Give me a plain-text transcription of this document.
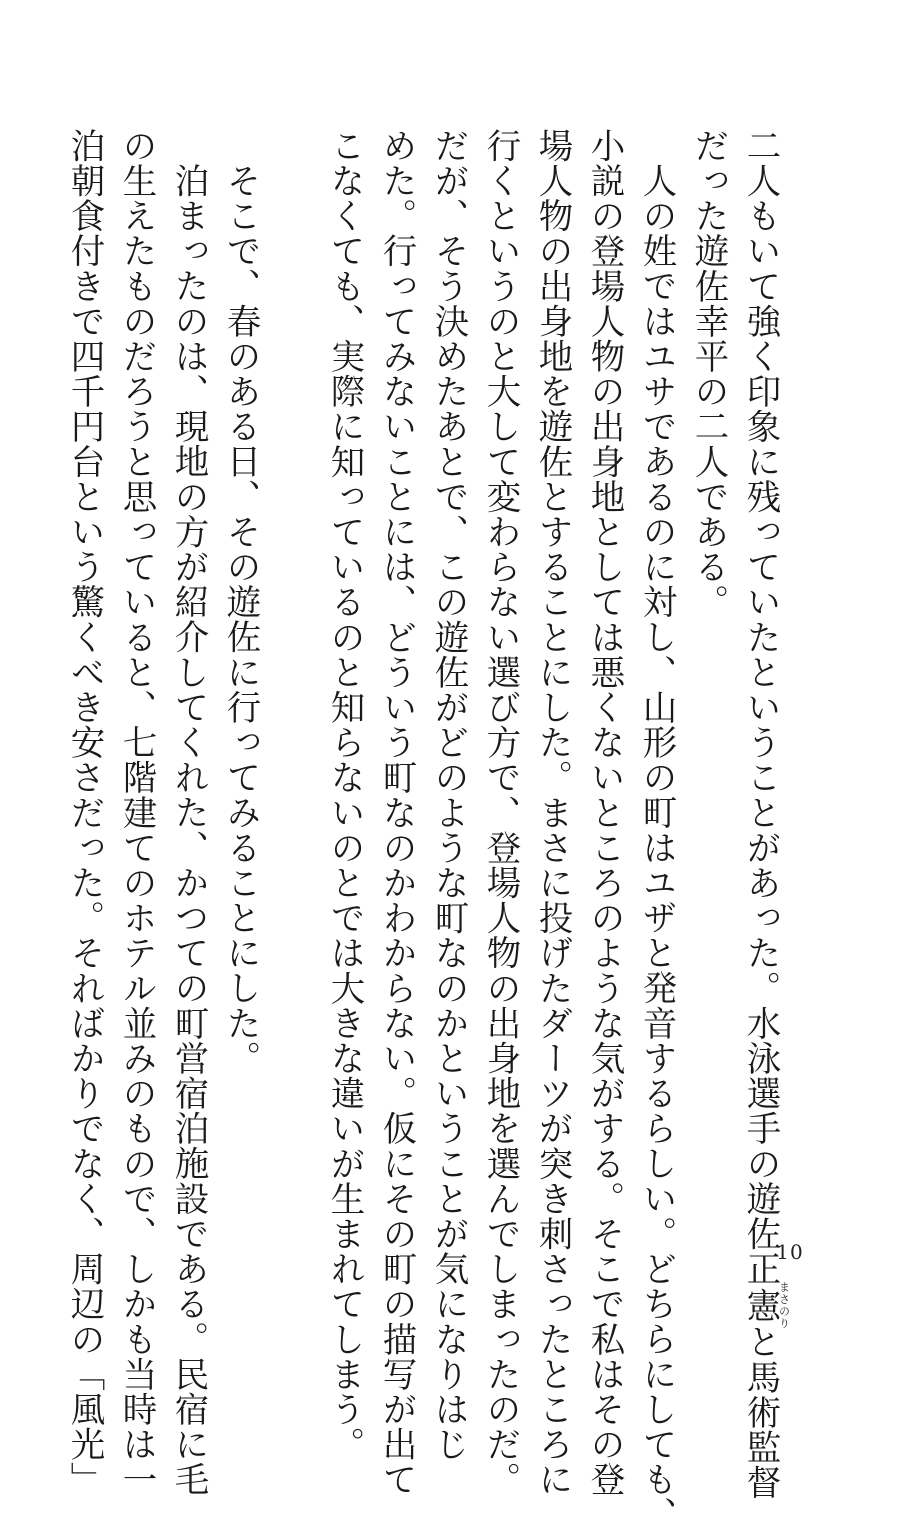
二人もいて強く印象に残っていたということがあった。水泳選手の遊佐正憲まさのりと馬術監督
だった遊佐幸平の二人である。
人の姓ではユサであるのに対し、山形の町はユザと発音するらしい。どちらにしても、
小説の登場人物の出身地としては悪くないところのような気がする。そこで私はその登
場人物の出身地を遊佐とすることにした。まさに投げたダーツが突き刺さったところに
行くというのと大して変わらない選び方で、登場人物の出身地を選んでしまったのだ。
だが、そう決めたあとで、この遊佐がどのような町なのかということが気になりはじ
めた。行ってみないことには、どういう町なのかわからない。仮にその町の描写が出て
こなくても、実際に知っているのと知らないのとでは大きな違いが生まれてしまう。
そこで、春のある日、その遊佐に行ってみることにした。
泊まったのは、現地の方が紹介してくれた、かつての町営宿泊施設である。民宿に毛
の生えたものだろうと思っていると、七階建てのホテル並みのもので、しかも当時は一
泊朝食付きで四千円台という驚くべき安さだった。そればかりでなく、周辺の「風光」	10
